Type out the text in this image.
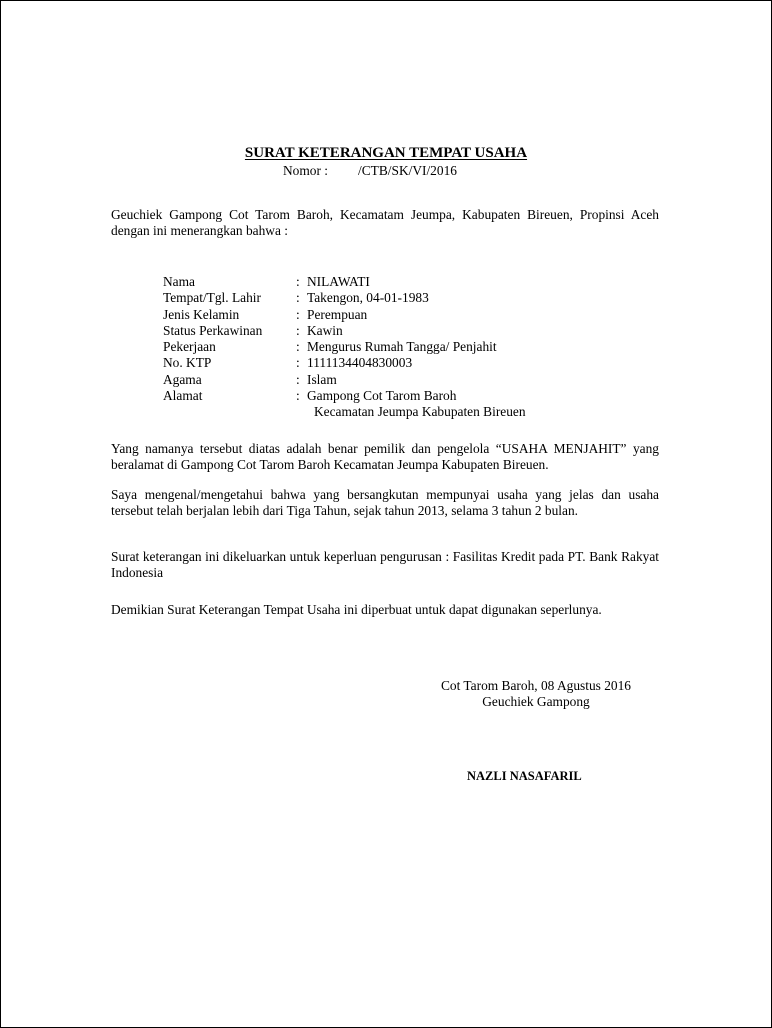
SURAT KETERANGAN TEMPAT USAHA
Nomor : /CTB/SK/VI/2016
Geuchiek Gampong Cot Tarom Baroh, Kecamatam Jeumpa, Kabupaten Bireuen, Propinsi Aceh dengan ini menerangkan bahwa :
Nama	: NILAWATI
Tempat/Tgl. Lahir	: Takengon, 04-01-1983
Jenis Kelamin	: Perempuan
Status Perkawinan	: Kawin
Pekerjaan	: Mengurus Rumah Tangga/ Penjahit
No. KTP	: 1111134404830003
Agama	: Islam
Alamat	: Gampong Cot Tarom Baroh
Kecamatan Jeumpa Kabupaten Bireuen
Yang namanya tersebut diatas adalah benar pemilik dan pengelola “USAHA MENJAHIT” yang beralamat di Gampong Cot Tarom Baroh Kecamatan Jeumpa Kabupaten Bireuen.
Saya mengenal/mengetahui bahwa yang bersangkutan mempunyai usaha yang jelas dan usaha tersebut telah berjalan lebih dari Tiga Tahun, sejak tahun 2013, selama 3 tahun 2 bulan.
Surat keterangan ini dikeluarkan untuk keperluan pengurusan : Fasilitas Kredit pada PT. Bank Rakyat Indonesia
Demikian Surat Keterangan Tempat Usaha ini diperbuat untuk dapat digunakan seperlunya.
Cot Tarom Baroh, 08 Agustus 2016
Geuchiek Gampong
NAZLI NASAFARIL
